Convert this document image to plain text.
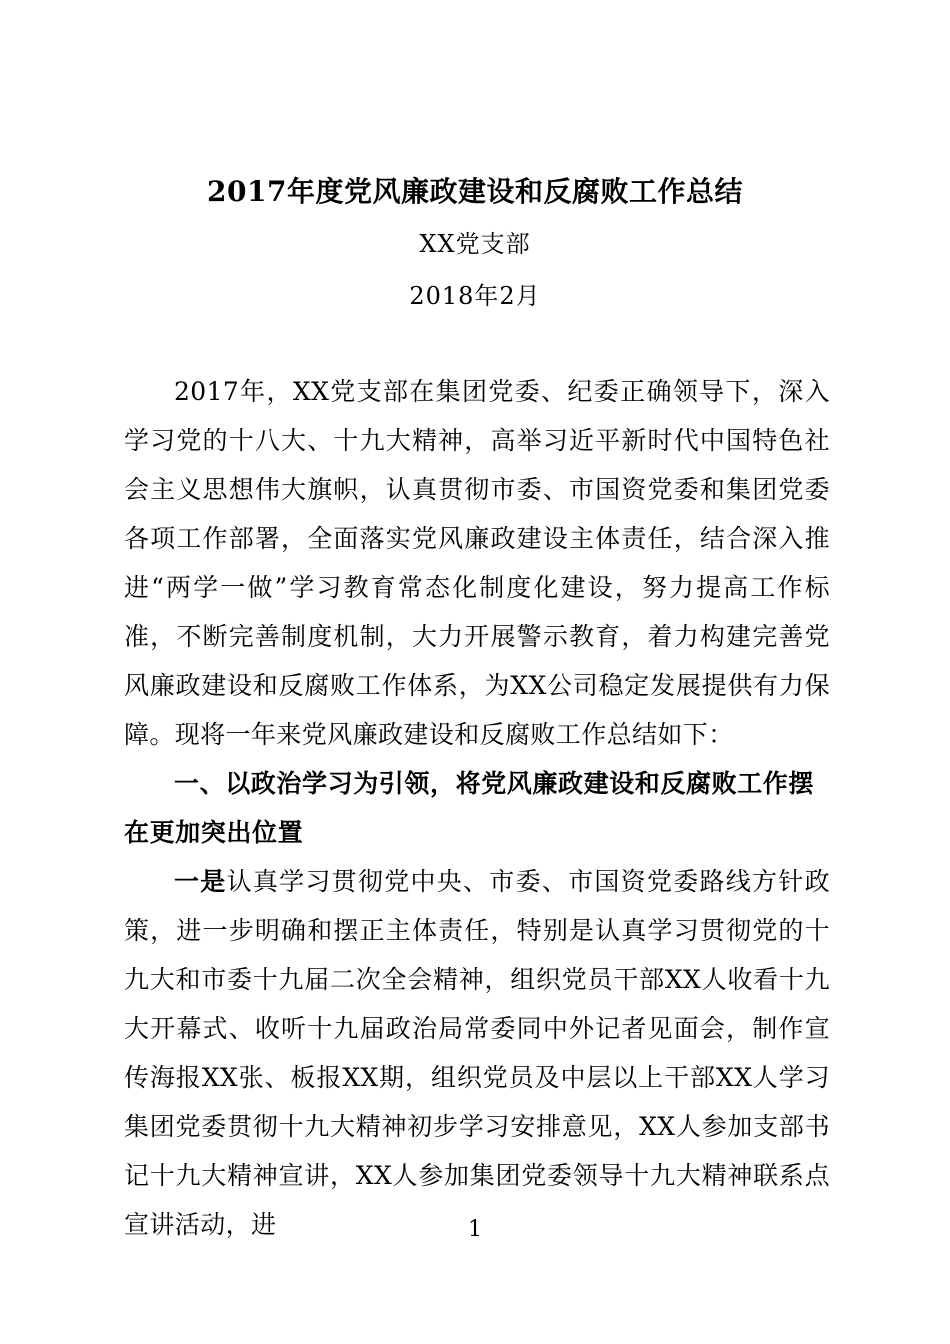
2017年度党风廉政建设和反腐败工作总结
XX党支部
2018年2月

2017年，XX党支部在集团党委、纪委正确领导下，深入学习党的十八大、十九大精神，高举习近平新时代中国特色社会主义思想伟大旗帜，认真贯彻市委、市国资党委和集团党委各项工作部署，全面落实党风廉政建设主体责任，结合深入推进“两学一做”学习教育常态化制度化建设，努力提高工作标准，不断完善制度机制，大力开展警示教育，着力构建完善党风廉政建设和反腐败工作体系，为XX公司稳定发展提供有力保障。现将一年来党风廉政建设和反腐败工作总结如下：

一、以政治学习为引领，将党风廉政建设和反腐败工作摆在更加突出位置

一是认真学习贯彻党中央、市委、市国资党委路线方针政策，进一步明确和摆正主体责任，特别是认真学习贯彻党的十九大和市委十九届二次全会精神，组织党员干部XX人收看十九大开幕式、收听十九届政治局常委同中外记者见面会，制作宣传海报XX张、板报XX期，组织党员及中层以上干部XX人学习集团党委贯彻十九大精神初步学习安排意见，XX人参加支部书记十九大精神宣讲，XX人参加集团党委领导十九大精神联系点宣讲活动，进	1
